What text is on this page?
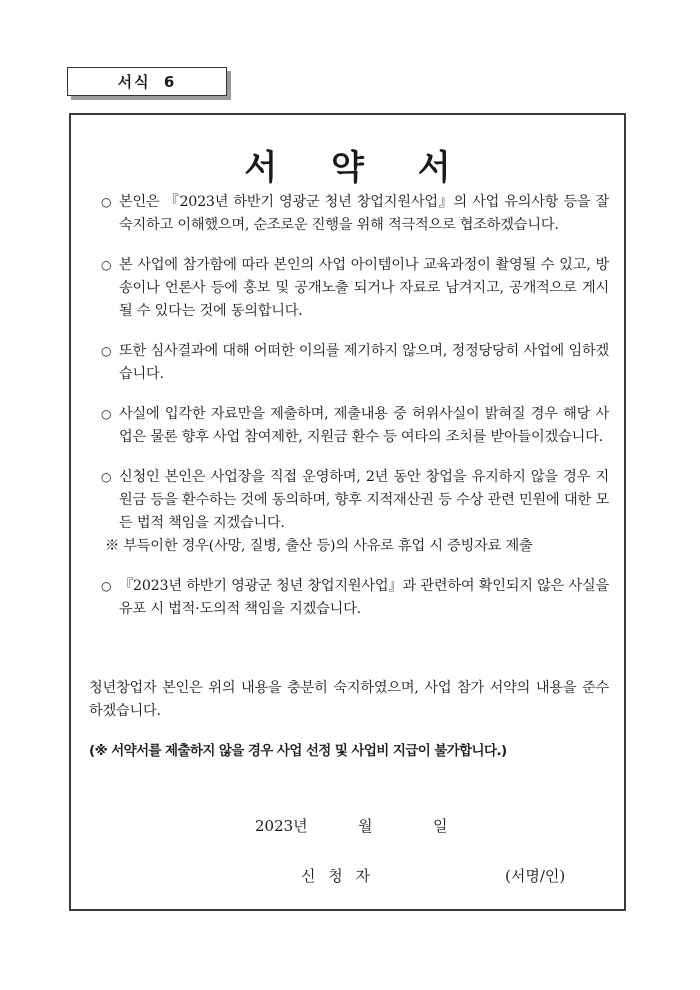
서식 6
서 약 서
○ 본인은 『2023년 하반기 영광군 청년 창업지원사업』의 사업 유의사항 등을 잘 숙지하고 이해했으며, 순조로운 진행을 위해 적극적으로 협조하겠습니다.
○ 본 사업에 참가함에 따라 본인의 사업 아이템이나 교육과정이 촬영될 수 있고, 방송이나 언론사 등에 홍보 및 공개노출 되거나 자료로 남겨지고, 공개적으로 게시될 수 있다는 것에 동의합니다.
○ 또한 심사결과에 대해 어떠한 이의를 제기하지 않으며, 정정당당히 사업에 임하겠습니다.
○ 사실에 입각한 자료만을 제출하며, 제출내용 중 허위사실이 밝혀질 경우 해당 사업은 물론 향후 사업 참여제한, 지원금 환수 등 여타의 조치를 받아들이겠습니다.
○ 신청인 본인은 사업장을 직접 운영하며, 2년 동안 창업을 유지하지 않을 경우 지원금 등을 환수하는 것에 동의하며, 향후 지적재산권 등 수상 관련 민원에 대한 모든 법적 책임을 지겠습니다.
※ 부득이한 경우(사망, 질병, 출산 등)의 사유로 휴업 시 증빙자료 제출
○ 『2023년 하반기 영광군 청년 창업지원사업』과 관련하여 확인되지 않은 사실을 유포 시 법적·도의적 책임을 지겠습니다.
청년창업자 본인은 위의 내용을 충분히 숙지하였으며, 사업 참가 서약의 내용을 준수하겠습니다.
(※ 서약서를 제출하지 않을 경우 사업 선정 및 사업비 지급이 불가합니다.)
2023년	월	일
신 청 자	(서명/인)
